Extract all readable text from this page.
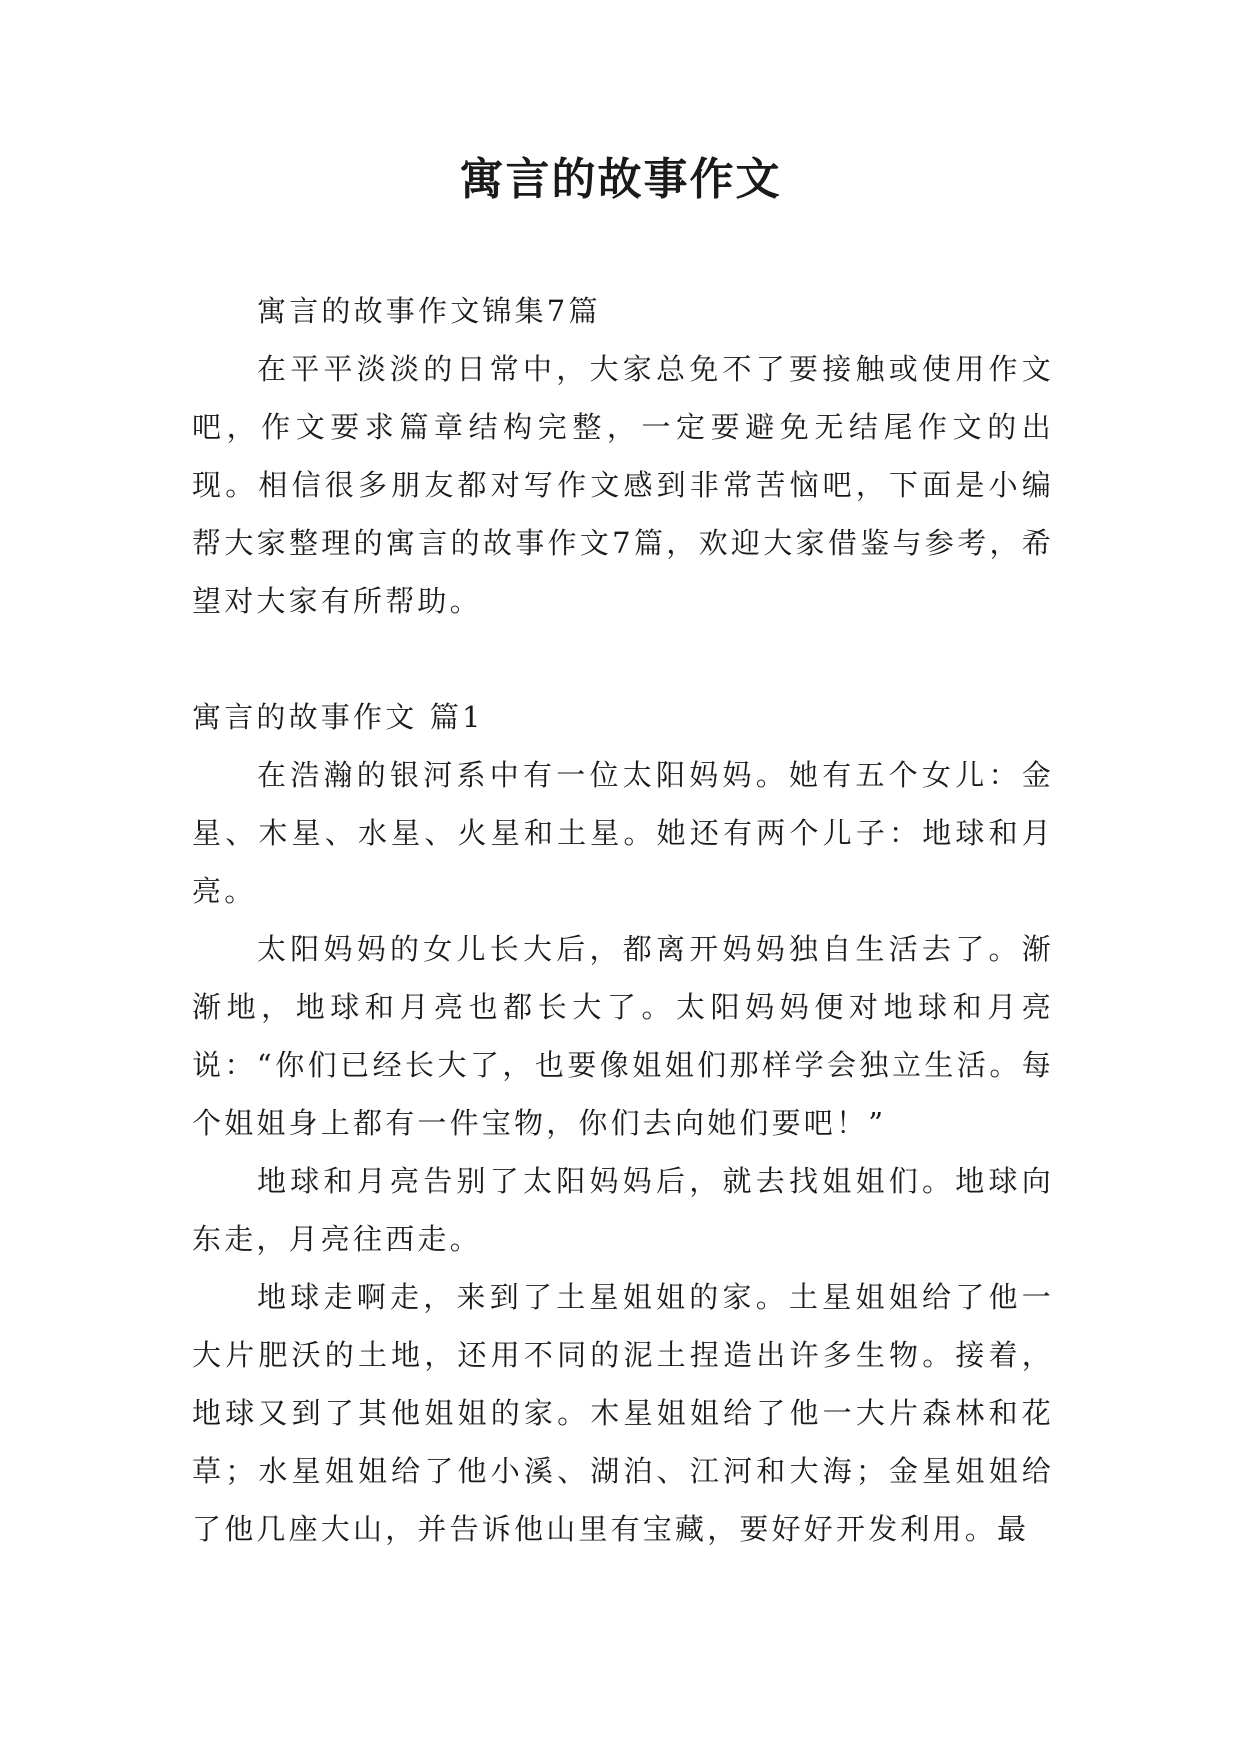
寓言的故事作文

寓言的故事作文锦集7篇

在平平淡淡的日常中，大家总免不了要接触或使用作文吧，作文要求篇章结构完整，一定要避免无结尾作文的出现。相信很多朋友都对写作文感到非常苦恼吧，下面是小编帮大家整理的寓言的故事作文7篇，欢迎大家借鉴与参考，希望对大家有所帮助。

寓言的故事作文 篇1

在浩瀚的银河系中有一位太阳妈妈。她有五个女儿：金星、木星、水星、火星和土星。她还有两个儿子：地球和月亮。

太阳妈妈的女儿长大后，都离开妈妈独自生活去了。渐渐地，地球和月亮也都长大了。太阳妈妈便对地球和月亮说：“你们已经长大了，也要像姐姐们那样学会独立生活。每个姐姐身上都有一件宝物，你们去向她们要吧！”

地球和月亮告别了太阳妈妈后，就去找姐姐们。地球向东走，月亮往西走。

地球走啊走，来到了土星姐姐的家。土星姐姐给了他一大片肥沃的土地，还用不同的泥土捏造出许多生物。接着，地球又到了其他姐姐的家。木星姐姐给了他一大片森林和花草；水星姐姐给了他小溪、湖泊、江河和大海；金星姐姐给了他几座大山，并告诉他山里有宝藏，要好好开发利用。最
